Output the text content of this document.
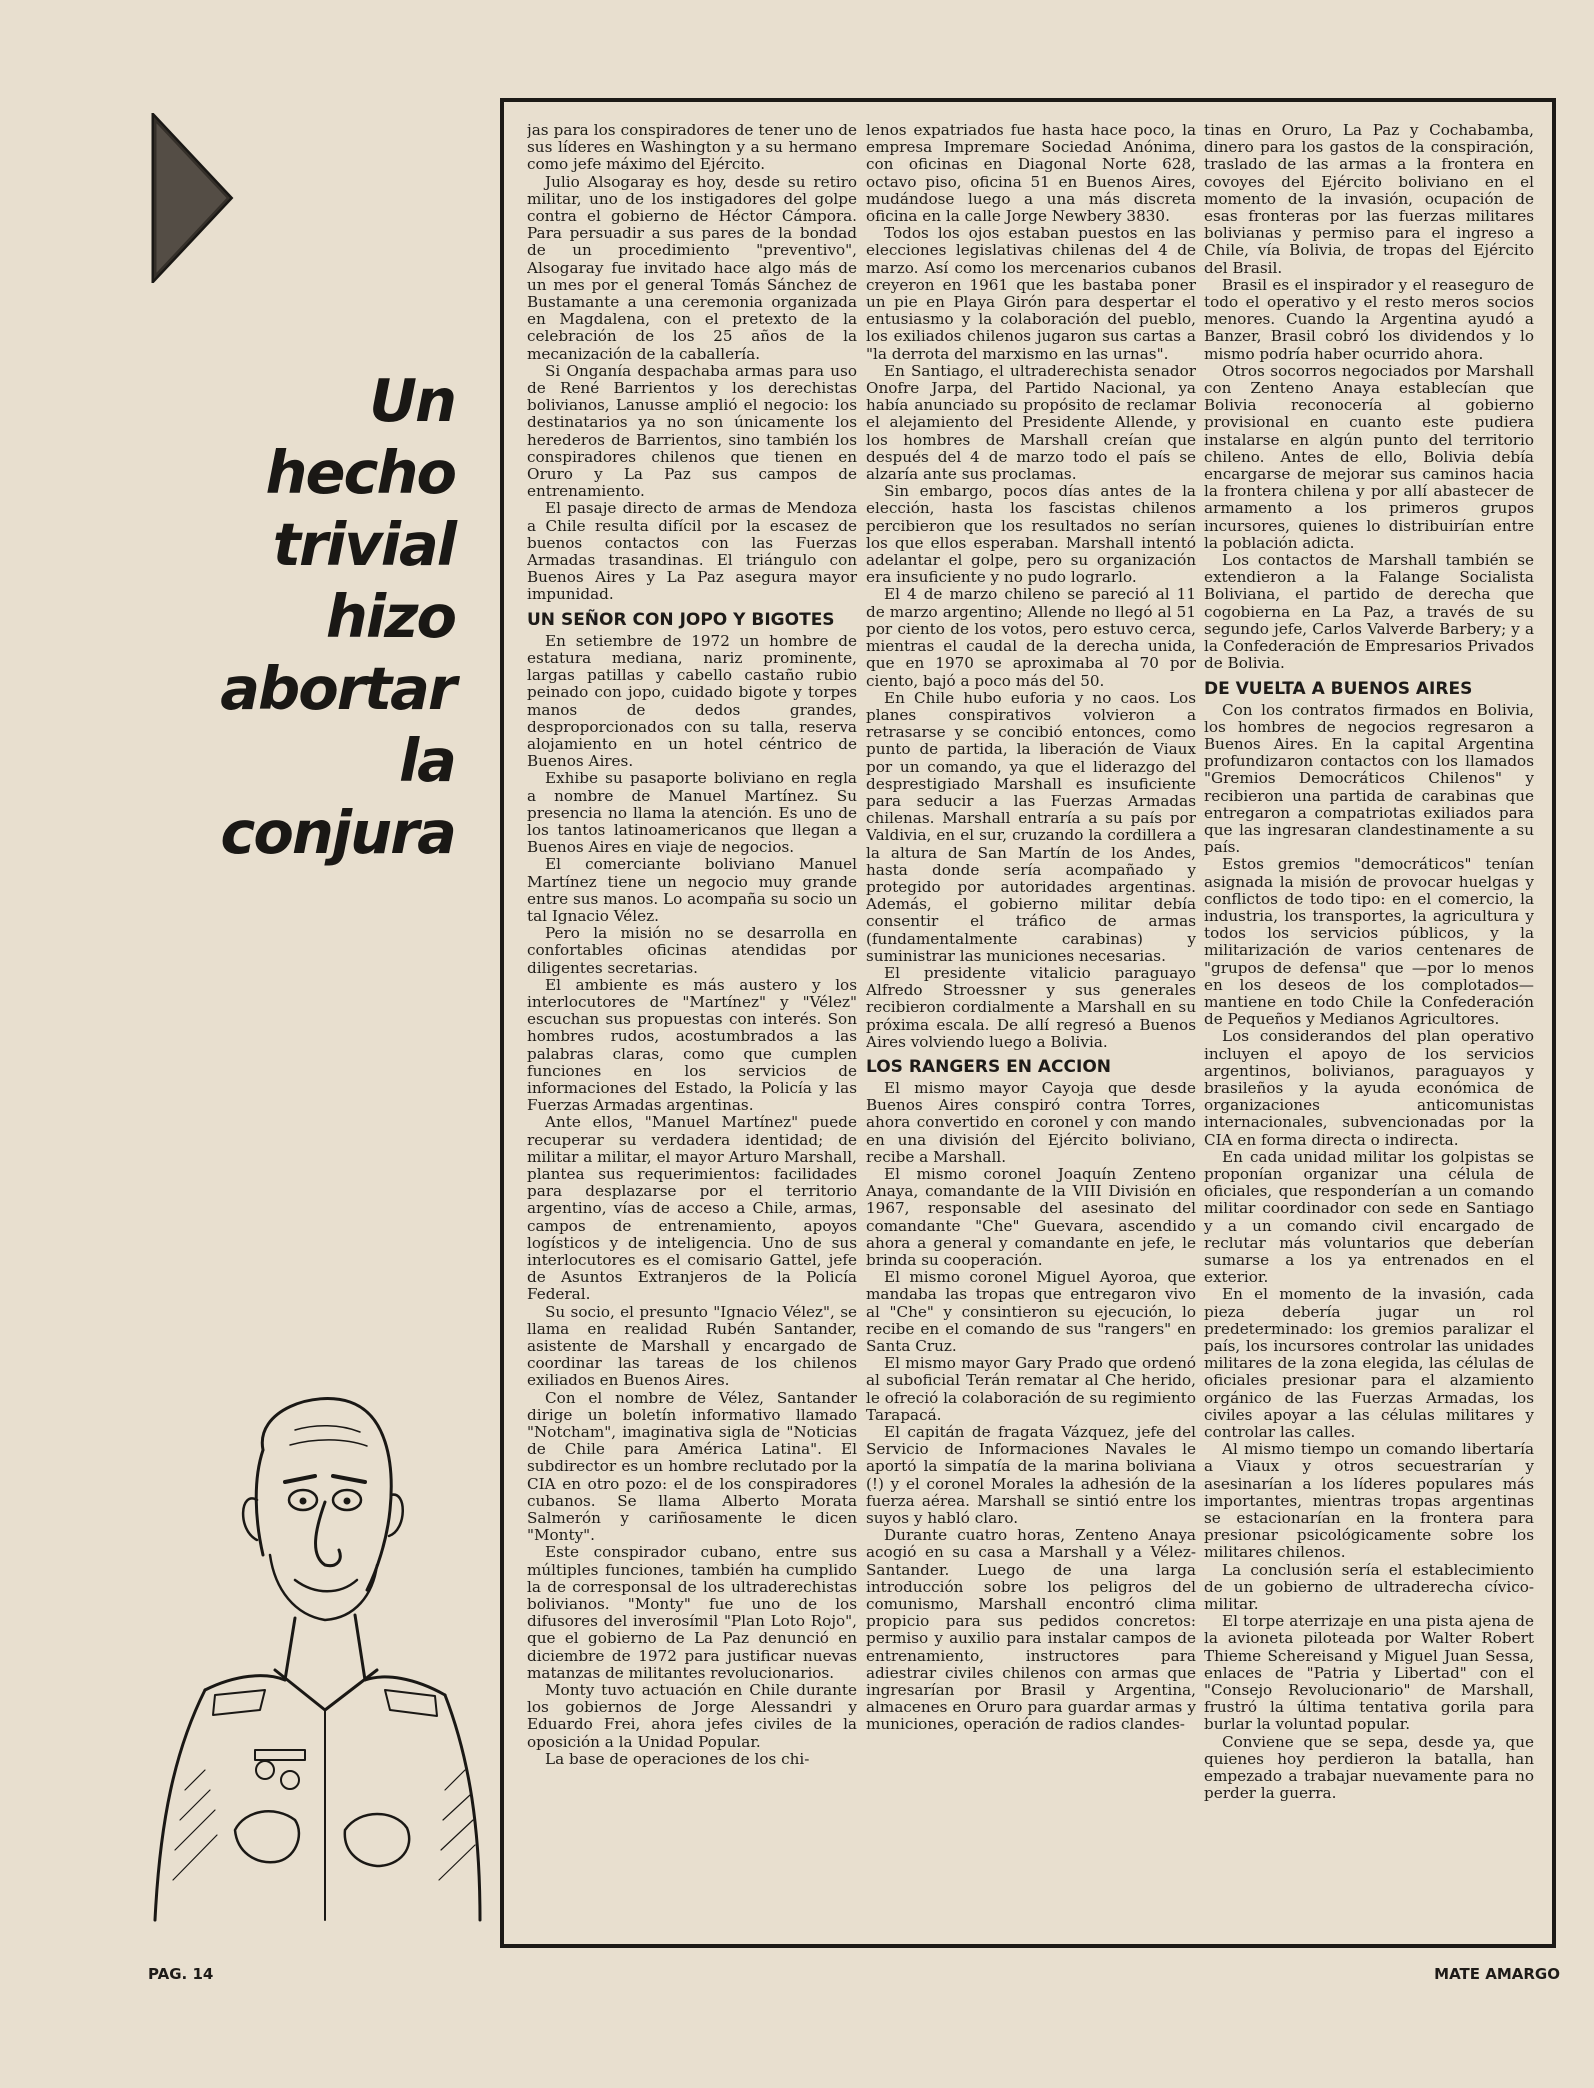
Un
hecho
trivial
hizo
abortar
la
conjura

jas para los conspiradores de tener uno de sus líderes en Washington y a su hermano como jefe máximo del Ejército.

Julio Alsogaray es hoy, desde su retiro militar, uno de los instigadores del golpe contra el gobierno de Héctor Cámpora. Para persuadir a sus pares de la bondad de un procedimiento "preventivo", Alsogaray fue invitado hace algo más de un mes por el general Tomás Sánchez de Bustamante a una ceremonia organizada en Magdalena, con el pretexto de la celebración de los 25 años de la mecanización de la caballería.

Si Onganía despachaba armas para uso de René Barrientos y los derechistas bolivianos, Lanusse amplió el negocio: los destinatarios ya no son únicamente los herederos de Barrientos, sino también los conspiradores chilenos que tienen en Oruro y La Paz sus campos de entrenamiento.

El pasaje directo de armas de Mendoza a Chile resulta difícil por la escasez de buenos contactos con las Fuerzas Armadas trasandinas. El triángulo con Buenos Aires y La Paz asegura mayor impunidad.

UN SEÑOR CON JOPO Y BIGOTES

En setiembre de 1972 un hombre de estatura mediana, nariz prominente, largas patillas y cabello castaño rubio peinado con jopo, cuidado bigote y torpes manos de dedos grandes, desproporcionados con su talla, reserva alojamiento en un hotel céntrico de Buenos Aires.

Exhibe su pasaporte boliviano en regla a nombre de Manuel Martínez. Su presencia no llama la atención. Es uno de los tantos latinoamericanos que llegan a Buenos Aires en viaje de negocios.

El comerciante boliviano Manuel Martínez tiene un negocio muy grande entre sus manos. Lo acompaña su socio un tal Ignacio Vélez.

Pero la misión no se desarrolla en confortables oficinas atendidas por diligentes secretarias.

El ambiente es más austero y los interlocutores de "Martínez" y "Vélez" escuchan sus propuestas con interés. Son hombres rudos, acostumbrados a las palabras claras, como que cumplen funciones en los servicios de informaciones del Estado, la Policía y las Fuerzas Armadas argentinas.

Ante ellos, "Manuel Martínez" puede recuperar su verdadera identidad; de militar a militar, el mayor Arturo Marshall, plantea sus requerimientos: facilidades para desplazarse por el territorio argentino, vías de acceso a Chile, armas, campos de entrenamiento, apoyos logísticos y de inteligencia. Uno de sus interlocutores es el comisario Gattel, jefe de Asuntos Extranjeros de la Policía Federal.

Su socio, el presunto "Ignacio Vélez", se llama en realidad Rubén Santander, asistente de Marshall y encargado de coordinar las tareas de los chilenos exiliados en Buenos Aires.

Con el nombre de Vélez, Santander dirige un boletín informativo llamado "Notcham", imaginativa sigla de "Noticias de Chile para América Latina". El subdirector es un hombre reclutado por la CIA en otro pozo: el de los conspiradores cubanos. Se llama Alberto Morata Salmerón y cariñosamente le dicen "Monty".

Este conspirador cubano, entre sus múltiples funciones, también ha cumplido la de corresponsal de los ultraderechistas bolivianos. "Monty" fue uno de los difusores del inverosímil "Plan Loto Rojo", que el gobierno de La Paz denunció en diciembre de 1972 para justificar nuevas matanzas de militantes revolucionarios.

Monty tuvo actuación en Chile durante los gobiernos de Jorge Alessandri y Eduardo Frei, ahora jefes civiles de la oposición a la Unidad Popular.

La base de operaciones de los chi-

lenos expatriados fue hasta hace poco, la empresa Impremare Sociedad Anónima, con oficinas en Diagonal Norte 628, octavo piso, oficina 51 en Buenos Aires, mudándose luego a una más discreta oficina en la calle Jorge Newbery 3830.

Todos los ojos estaban puestos en las elecciones legislativas chilenas del 4 de marzo. Así como los mercenarios cubanos creyeron en 1961 que les bastaba poner un pie en Playa Girón para despertar el entusiasmo y la colaboración del pueblo, los exiliados chilenos jugaron sus cartas a "la derrota del marxismo en las urnas".

En Santiago, el ultraderechista senador Onofre Jarpa, del Partido Nacional, ya había anunciado su propósito de reclamar el alejamiento del Presidente Allende, y los hombres de Marshall creían que después del 4 de marzo todo el país se alzaría ante sus proclamas.

Sin embargo, pocos días antes de la elección, hasta los fascistas chilenos percibieron que los resultados no serían los que ellos esperaban. Marshall intentó adelantar el golpe, pero su organización era insuficiente y no pudo lograrlo.

El 4 de marzo chileno se pareció al 11 de marzo argentino; Allende no llegó al 51 por ciento de los votos, pero estuvo cerca, mientras el caudal de la derecha unida, que en 1970 se aproximaba al 70 por ciento, bajó a poco más del 50.

En Chile hubo euforia y no caos. Los planes conspirativos volvieron a retrasarse y se concibió entonces, como punto de partida, la liberación de Viaux por un comando, ya que el liderazgo del desprestigiado Marshall es insuficiente para seducir a las Fuerzas Armadas chilenas. Marshall entraría a su país por Valdivia, en el sur, cruzando la cordillera a la altura de San Martín de los Andes, hasta donde sería acompañado y protegido por autoridades argentinas. Además, el gobierno militar debía consentir el tráfico de armas (fundamentalmente carabinas) y suministrar las municiones necesarias.

El presidente vitalicio paraguayo Alfredo Stroessner y sus generales recibieron cordialmente a Marshall en su próxima escala. De allí regresó a Buenos Aires volviendo luego a Bolivia.

LOS RANGERS EN ACCION

El mismo mayor Cayoja que desde Buenos Aires conspiró contra Torres, ahora convertido en coronel y con mando en una división del Ejército boliviano, recibe a Marshall.

El mismo coronel Joaquín Zenteno Anaya, comandante de la VIII División en 1967, responsable del asesinato del comandante "Che" Guevara, ascendido ahora a general y comandante en jefe, le brinda su cooperación.

El mismo coronel Miguel Ayoroa, que mandaba las tropas que entregaron vivo al "Che" y consintieron su ejecución, lo recibe en el comando de sus "rangers" en Santa Cruz.

El mismo mayor Gary Prado que ordenó al suboficial Terán rematar al Che herido, le ofreció la colaboración de su regimiento Tarapacá.

El capitán de fragata Vázquez, jefe del Servicio de Informaciones Navales le aportó la simpatía de la marina boliviana (!) y el coronel Morales la adhesión de la fuerza aérea. Marshall se sintió entre los suyos y habló claro.

Durante cuatro horas, Zenteno Anaya acogió en su casa a Marshall y a Vélez-Santander. Luego de una larga introducción sobre los peligros del comunismo, Marshall encontró clima propicio para sus pedidos concretos: permiso y auxilio para instalar campos de entrenamiento, instructores para adiestrar civiles chilenos con armas que ingresarían por Brasil y Argentina, almacenes en Oruro para guardar armas y municiones, operación de radios clandes-

tinas en Oruro, La Paz y Cochabamba, dinero para los gastos de la conspiración, traslado de las armas a la frontera en covoyes del Ejército boliviano en el momento de la invasión, ocupación de esas fronteras por las fuerzas militares bolivianas y permiso para el ingreso a Chile, vía Bolivia, de tropas del Ejército del Brasil.

Brasil es el inspirador y el reaseguro de todo el operativo y el resto meros socios menores. Cuando la Argentina ayudó a Banzer, Brasil cobró los dividendos y lo mismo podría haber ocurrido ahora.

Otros socorros negociados por Marshall con Zenteno Anaya establecían que Bolivia reconocería al gobierno provisional en cuanto este pudiera instalarse en algún punto del territorio chileno. Antes de ello, Bolivia debía encargarse de mejorar sus caminos hacia la frontera chilena y por allí abastecer de armamento a los primeros grupos incursores, quienes lo distribuirían entre la población adicta.

Los contactos de Marshall también se extendieron a la Falange Socialista Boliviana, el partido de derecha que cogobierna en La Paz, a través de su segundo jefe, Carlos Valverde Barbery; y a la Confederación de Empresarios Privados de Bolivia.

DE VUELTA A BUENOS AIRES

Con los contratos firmados en Bolivia, los hombres de negocios regresaron a Buenos Aires. En la capital Argentina profundizaron contactos con los llamados "Gremios Democráticos Chilenos" y recibieron una partida de carabinas que entregaron a compatriotas exiliados para que las ingresaran clandestinamente a su país.

Estos gremios "democráticos" tenían asignada la misión de provocar huelgas y conflictos de todo tipo: en el comercio, la industria, los transportes, la agricultura y todos los servicios públicos, y la militarización de varios centenares de "grupos de defensa" que —por lo menos en los deseos de los complotados— mantiene en todo Chile la Confederación de Pequeños y Medianos Agricultores.

Los considerandos del plan operativo incluyen el apoyo de los servicios argentinos, bolivianos, paraguayos y brasileños y la ayuda económica de organizaciones anticomunistas internacionales, subvencionadas por la CIA en forma directa o indirecta.

En cada unidad militar los golpistas se proponían organizar una célula de oficiales, que responderían a un comando militar coordinador con sede en Santiago y a un comando civil encargado de reclutar más voluntarios que deberían sumarse a los ya entrenados en el exterior.

En el momento de la invasión, cada pieza debería jugar un rol predeterminado: los gremios paralizar el país, los incursores controlar las unidades militares de la zona elegida, las células de oficiales presionar para el alzamiento orgánico de las Fuerzas Armadas, los civiles apoyar a las células militares y controlar las calles.

Al mismo tiempo un comando libertaría a Viaux y otros secuestrarían y asesinarían a los líderes populares más importantes, mientras tropas argentinas se estacionarían en la frontera para presionar psicológicamente sobre los militares chilenos.

La conclusión sería el establecimiento de un gobierno de ultraderecha cívico-militar.

El torpe aterrizaje en una pista ajena de la avioneta piloteada por Walter Robert Thieme Schereisand y Miguel Juan Sessa, enlaces de "Patria y Libertad" con el "Consejo Revolucionario" de Marshall, frustró la última tentativa gorila para burlar la voluntad popular.

Conviene que se sepa, desde ya, que quienes hoy perdieron la batalla, han empezado a trabajar nuevamente para no perder la guerra.

PAG. 14	MATE AMARGO
